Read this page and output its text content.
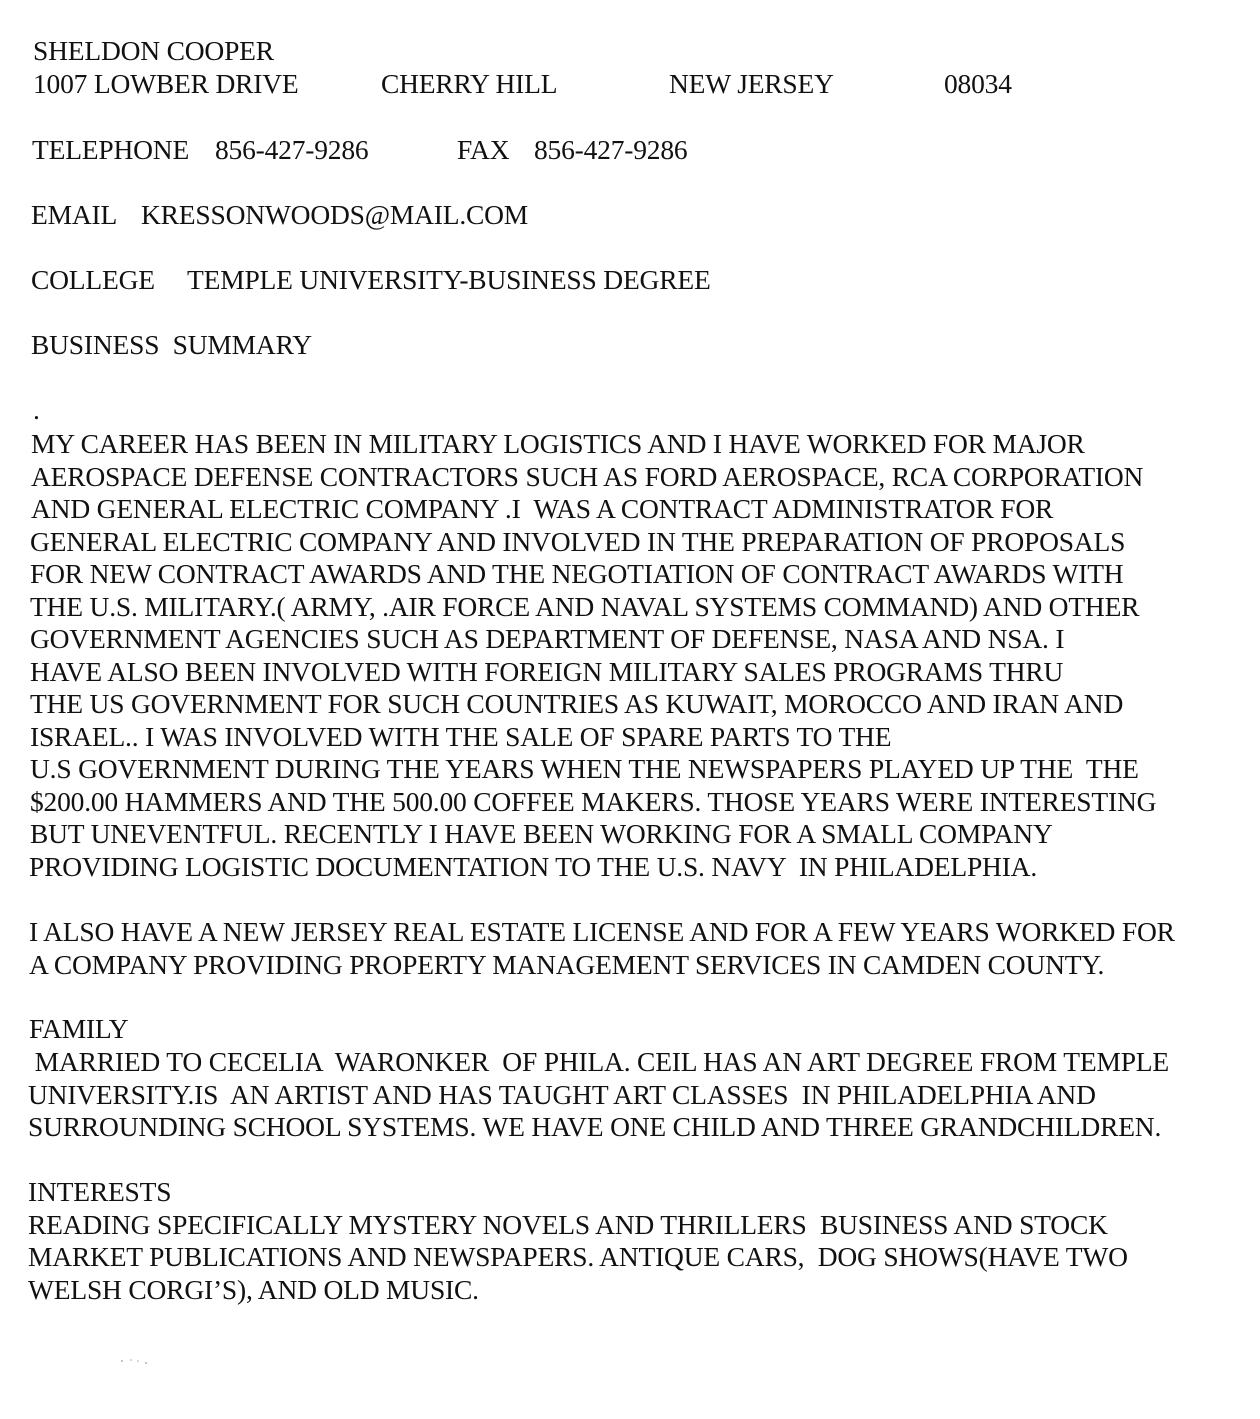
SHELDON COOPER
1007 LOWBER DRIVE	CHERRY HILL	NEW JERSEY	08034
TELEPHONE 856-427-9286	FAX 856-427-9286
EMAIL KRESSONWOODS@MAIL.COM
COLLEGE TEMPLE UNIVERSITY-BUSINESS DEGREE
BUSINESS  SUMMARY
.
MY CAREER HAS BEEN IN MILITARY LOGISTICS AND I HAVE WORKED FOR MAJOR
AEROSPACE DEFENSE CONTRACTORS SUCH AS FORD AEROSPACE, RCA CORPORATION
AND GENERAL ELECTRIC COMPANY .I  WAS A CONTRACT ADMINISTRATOR FOR
GENERAL ELECTRIC COMPANY AND INVOLVED IN THE PREPARATION OF PROPOSALS
FOR NEW CONTRACT AWARDS AND THE NEGOTIATION OF CONTRACT AWARDS WITH
THE U.S. MILITARY.( ARMY, .AIR FORCE AND NAVAL SYSTEMS COMMAND) AND OTHER
GOVERNMENT AGENCIES SUCH AS DEPARTMENT OF DEFENSE, NASA AND NSA. I
HAVE ALSO BEEN INVOLVED WITH FOREIGN MILITARY SALES PROGRAMS THRU
THE US GOVERNMENT FOR SUCH COUNTRIES AS KUWAIT, MOROCCO AND IRAN AND
ISRAEL.. I WAS INVOLVED WITH THE SALE OF SPARE PARTS TO THE
U.S GOVERNMENT DURING THE YEARS WHEN THE NEWSPAPERS PLAYED UP THE  THE
$200.00 HAMMERS AND THE 500.00 COFFEE MAKERS. THOSE YEARS WERE INTERESTING
BUT UNEVENTFUL. RECENTLY I HAVE BEEN WORKING FOR A SMALL COMPANY
PROVIDING LOGISTIC DOCUMENTATION TO THE U.S. NAVY  IN PHILADELPHIA.
I ALSO HAVE A NEW JERSEY REAL ESTATE LICENSE AND FOR A FEW YEARS WORKED FOR
A COMPANY PROVIDING PROPERTY MANAGEMENT SERVICES IN CAMDEN COUNTY.
FAMILY
MARRIED TO CECELIA  WARONKER  OF PHILA. CEIL HAS AN ART DEGREE FROM TEMPLE
UNIVERSITY.IS  AN ARTIST AND HAS TAUGHT ART CLASSES  IN PHILADELPHIA AND
SURROUNDING SCHOOL SYSTEMS. WE HAVE ONE CHILD AND THREE GRANDCHILDREN.
INTERESTS
READING SPECIFICALLY MYSTERY NOVELS AND THRILLERS  BUSINESS AND STOCK
MARKET PUBLICATIONS AND NEWSPAPERS. ANTIQUE CARS,  DOG SHOWS(HAVE TWO
WELSH CORGI’S), AND OLD MUSIC.
